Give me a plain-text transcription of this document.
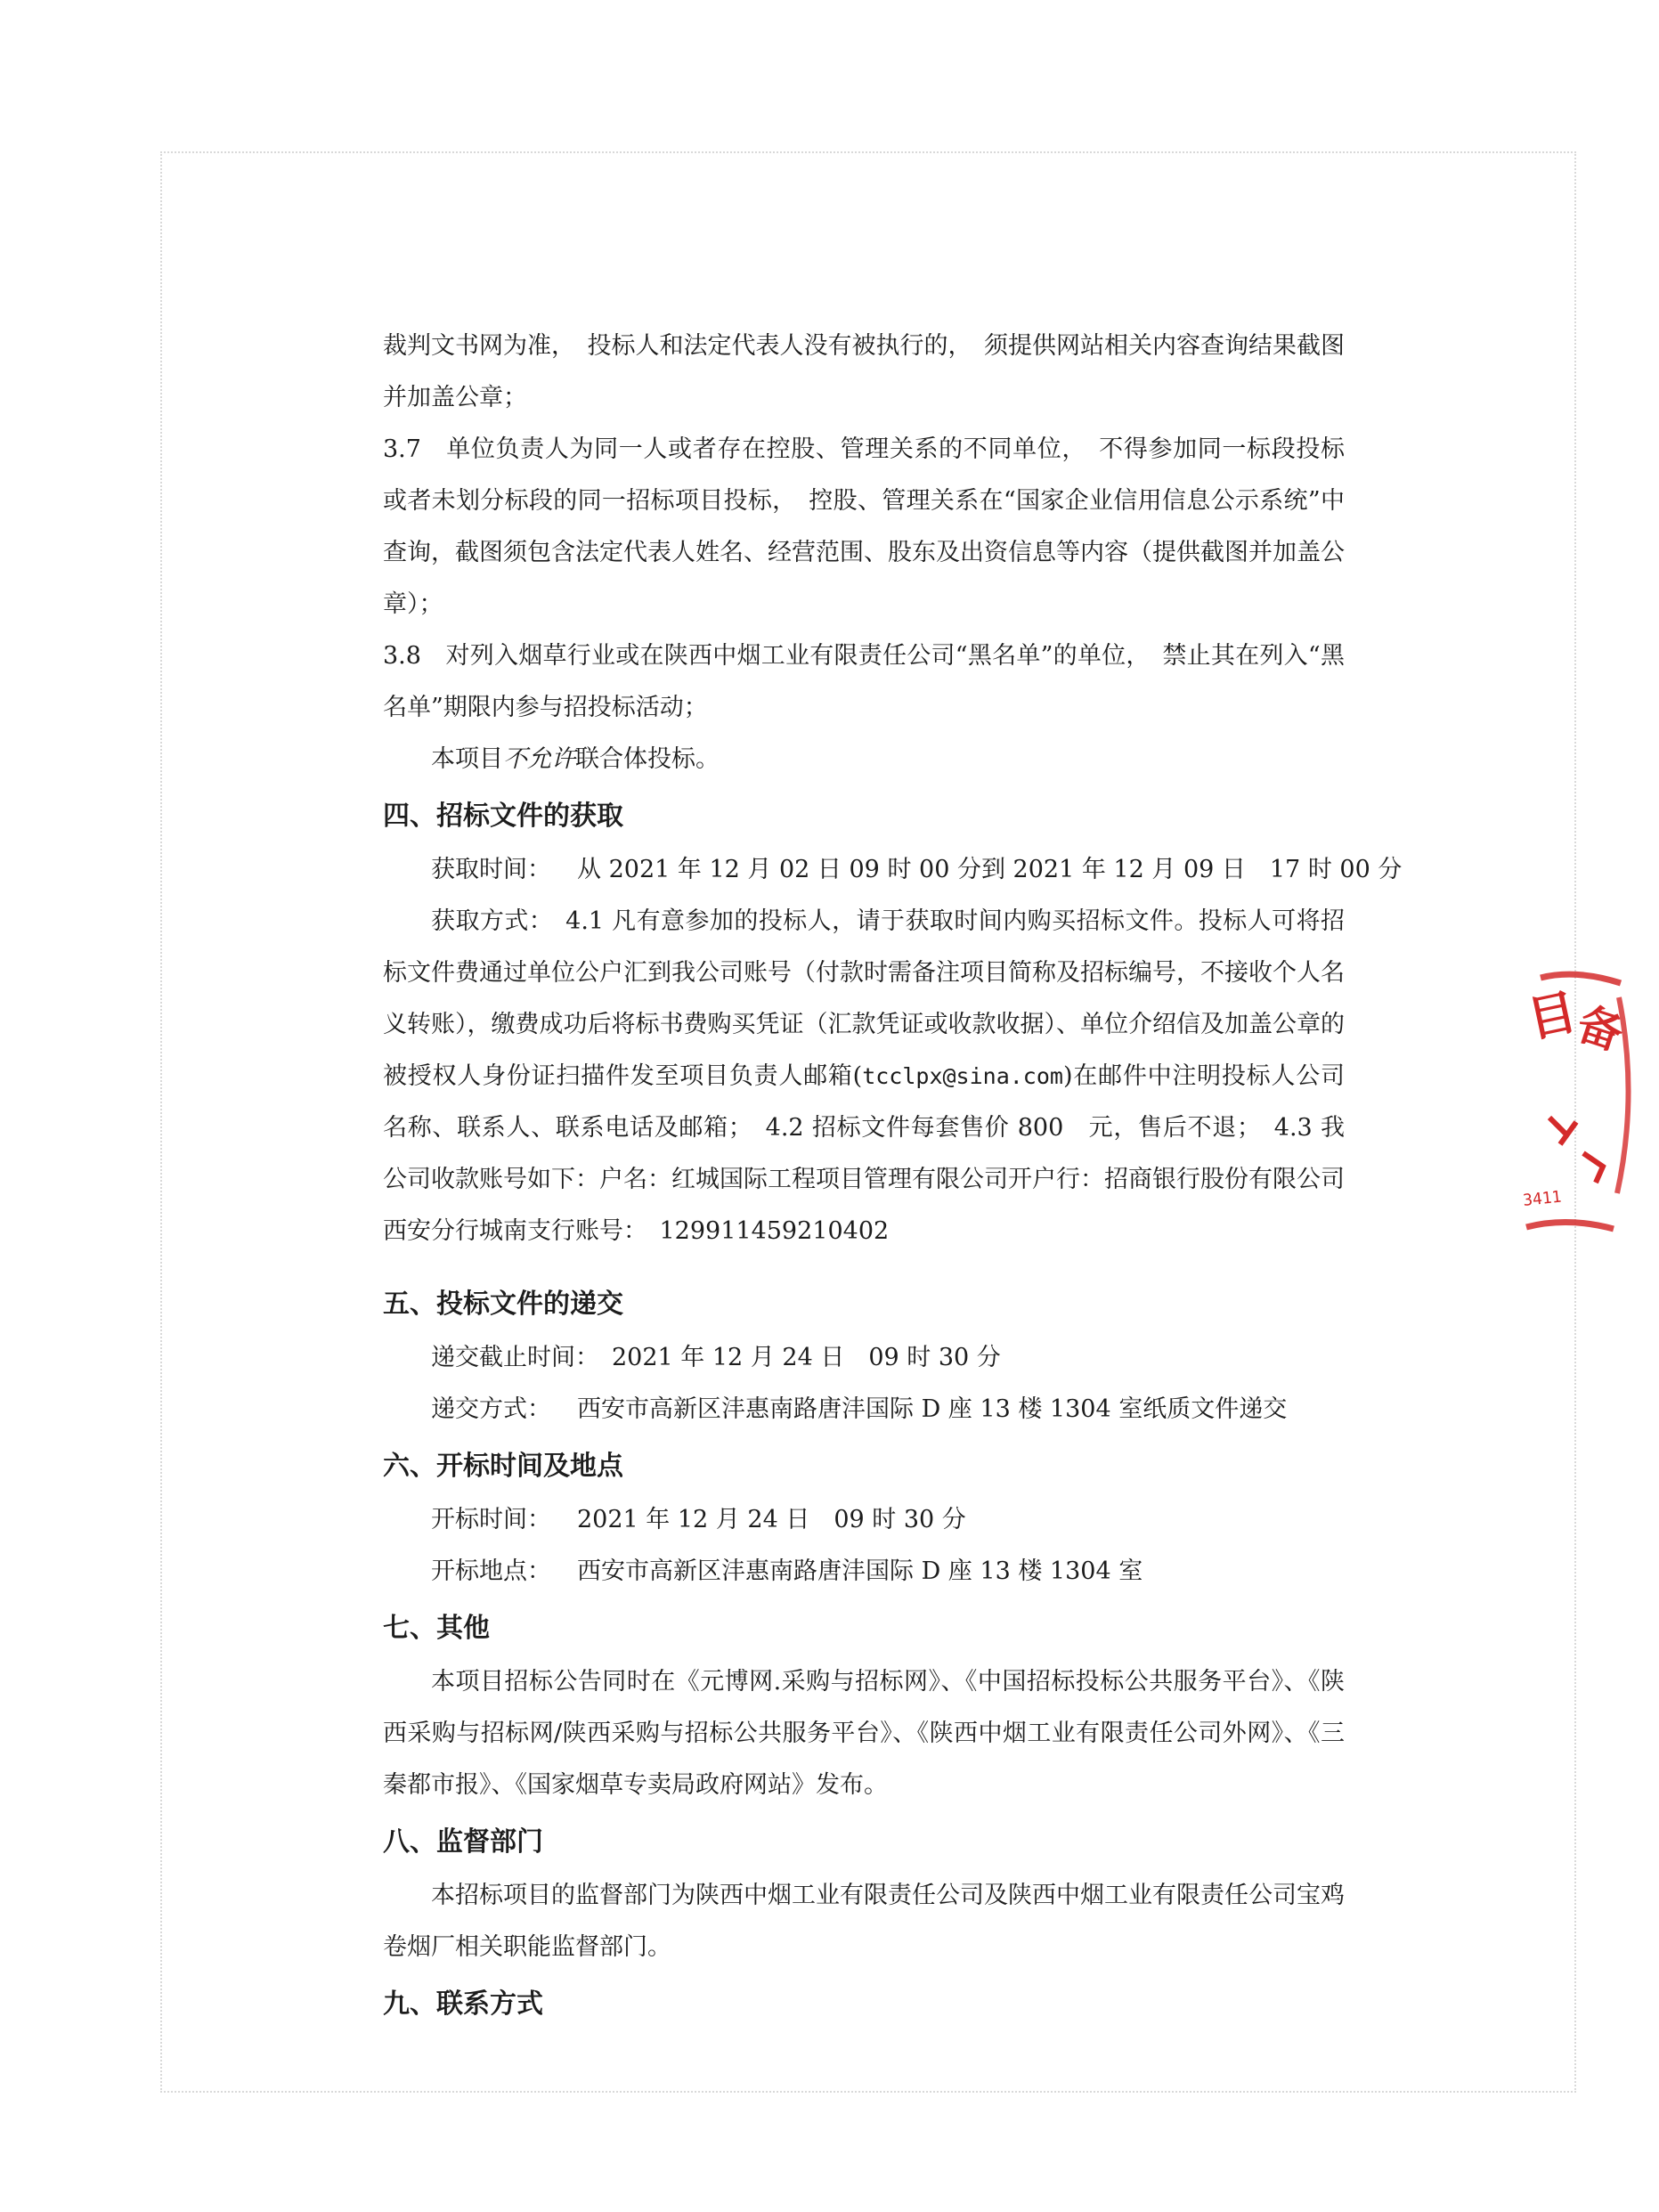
裁判文书网为准，　投标人和法定代表人没有被执行的，　须提供网站相关内容查询结果截图并加盖公章；

3.7　单位负责人为同一人或者存在控股、管理关系的不同单位，　不得参加同一标段投标或者未划分标段的同一招标项目投标，　控股、管理关系在“国家企业信用信息公示系统”中查询，截图须包含法定代表人姓名、经营范围、股东及出资信息等内容（提供截图并加盖公章）；

3.8　对列入烟草行业或在陕西中烟工业有限责任公司“黑名单”的单位，　禁止其在列入“黑名单”期限内参与招投标活动；

本项目不允许联合体投标。

四、招标文件的获取

获取时间： 从 2021 年 12 月 02 日 09 时 00 分到 2021 年 12 月 09 日　17 时 00 分

获取方式：　 4.1 凡有意参加的投标人，请于获取时间内购买招标文件。投标人可将招标文件费通过单位公户汇到我公司账号（付款时需备注项目简称及招标编号，不接收个人名义转账），缴费成功后将标书费购买凭证（汇款凭证或收款收据）、单位介绍信及加盖公章的被授权人身份证扫描件发至项目负责人邮箱(tcclpx@sina.com)在邮件中注明投标人公司名称、联系人、联系电话及邮箱；　4.2 招标文件每套售价 800　元，售后不退；　4.3 我公司收款账号如下：户名：红城国际工程项目管理有限公司开户行：招商银行股份有限公司西安分行城南支行账号：　129911459210402

五、投标文件的递交

递交截止时间： 2021 年 12 月 24 日　09 时 30 分

递交方式： 西安市高新区沣惠南路唐沣国际 D 座 13 楼 1304 室纸质文件递交

六、开标时间及地点

开标时间： 2021 年 12 月 24 日　09 时 30 分

开标地点： 西安市高新区沣惠南路唐沣国际 D 座 13 楼 1304 室

七、其他

本项目招标公告同时在《元博网.采购与招标网》、《中国招标投标公共服务平台》、《陕西采购与招标网/陕西采购与招标公共服务平台》、《陕西中烟工业有限责任公司外网》、《三秦都市报》、《国家烟草专卖局政府网站》发布。

八、监督部门

本招标项目的监督部门为陕西中烟工业有限责任公司及陕西中烟工业有限责任公司宝鸡卷烟厂相关职能监督部门。

九、联系方式
目
备
3411
